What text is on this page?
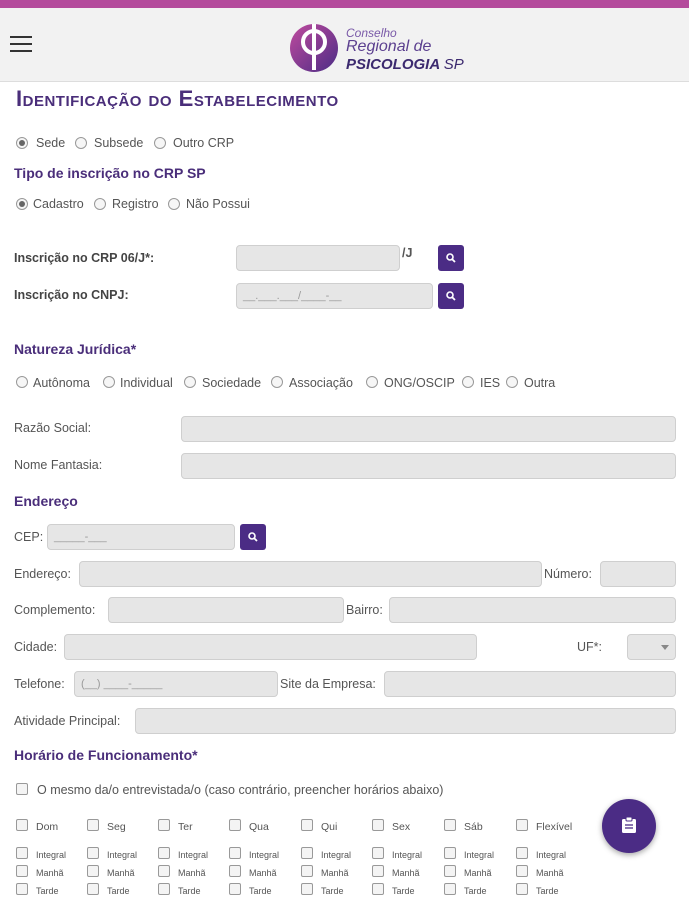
Conselho
Regional de
PSICOLOGIA SP
Identificação do Estabelecimento
Sede Subsede Outro CRP
Tipo de inscrição no CRP SP
Cadastro Registro Não Possui
Inscrição no CRP 06/J*:	/J
Inscrição no CNPJ:	__.___.___/____-__
Natureza Jurídica*
Autônoma Individual Sociedade Associação ONG/OSCIP IES Outra
Razão Social:
Nome Fantasia:
Endereço
CEP: _____-___
Endereço:	Número:
Complemento:	Bairro:
Cidade:	UF*:
Telefone:	(__) ____-_____	Site da Empresa:
Atividade Principal:
Horário de Funcionamento*
O mesmo da/o entrevistada/o (caso contrário, preencher horários abaixo)
Dom	Seg	Ter	Qua	Qui	Sex	Sáb	Flexível
Integral	Integral	Integral	Integral	Integral	Integral	Integral	Integral
Manhã	Manhã	Manhã	Manhã	Manhã	Manhã	Manhã	Manhã
Tarde	Tarde	Tarde	Tarde	Tarde	Tarde	Tarde	Tarde
